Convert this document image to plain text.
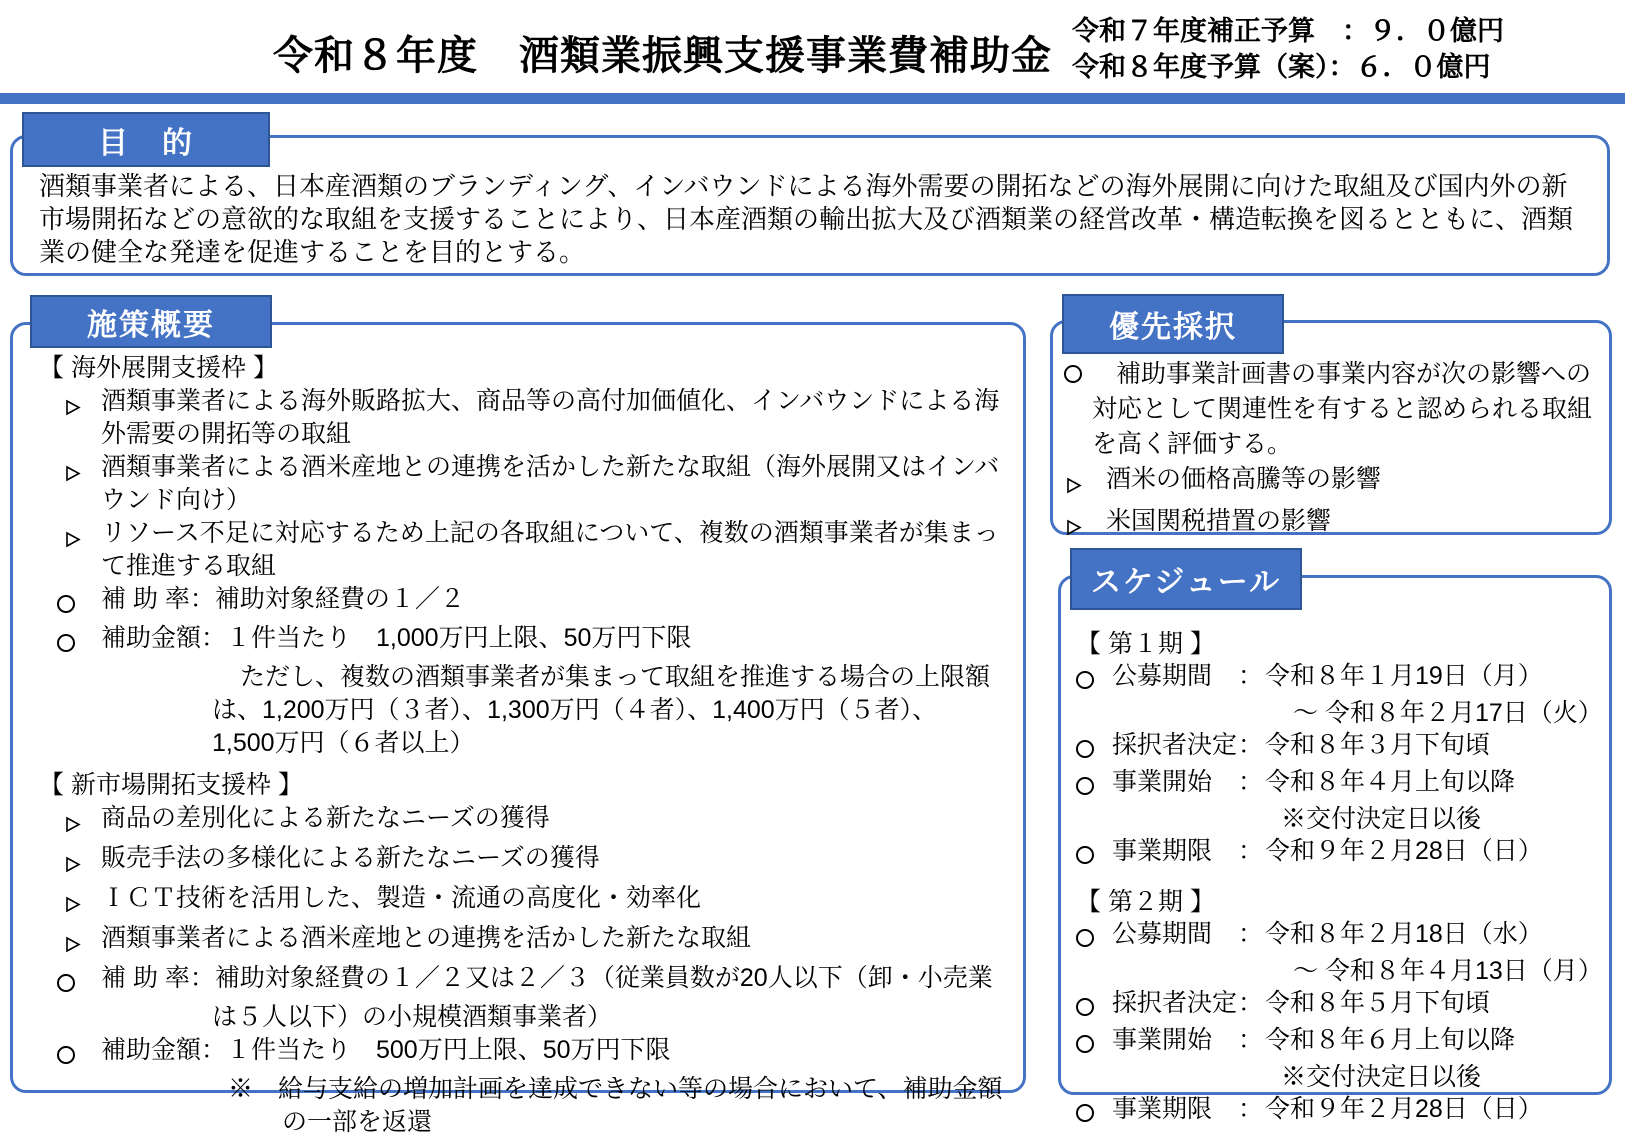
令和８年度　酒類業振興支援事業費補助金
令和７年度補正予算　：９．０億円
令和８年度予算（案）：６．０億円
目　的
酒類事業者による、日本産酒類のブランディング、インバウンドによる海外需要の開拓などの海外展開に向けた取組及び国内外の新市場開拓などの意欲的な取組を支援することにより、日本産酒類の輸出拡大及び酒類業の経営改革・構造転換を図るとともに、酒類業の健全な発達を促進することを目的とする。
施策概要
【 海外展開支援枠 】
酒類事業者による海外販路拡大、商品等の高付加価値化、インバウンドによる海外需要の開拓等の取組
酒類事業者による酒米産地との連携を活かした新たな取組（海外展開又はインバウンド向け）
リソース不足に対応するため上記の各取組について、複数の酒類事業者が集まって推進する取組
補 助 率：補助対象経費の１／２
補助金額：１件当たり　1,000万円上限、50万円下限
ただし、複数の酒類事業者が集まって取組を推進する場合の上限額
は、1,200万円（３者）、1,300万円（４者）、1,400万円（５者）、
1,500万円（６者以上）
【 新市場開拓支援枠 】
商品の差別化による新たなニーズの獲得
販売手法の多様化による新たなニーズの獲得
ＩＣＴ技術を活用した、製造・流通の高度化・効率化
酒類事業者による酒米産地との連携を活かした新たな取組
補 助 率：補助対象経費の１／２又は２／３（従業員数が20人以下（卸・小売業
は５人以下）の小規模酒類事業者）
補助金額：１件当たり　500万円上限、50万円下限
※　給与支給の増加計画を達成できない等の場合において、補助金額
の一部を返還
優先採択
補助事業計画書の事業内容が次の影響への対応として関連性を有すると認められる取組を高く評価する。
酒米の価格高騰等の影響
米国関税措置の影響
スケジュール
【 第１期 】
公募期間	： 令和８年１月19日（月）
～ 令和８年２月17日（火）
採択者決定 ： 令和８年３月下旬頃
事業開始	： 令和８年４月上旬以降
※交付決定日以後
事業期限	： 令和９年２月28日（日）
【 第２期 】
公募期間	： 令和８年２月18日（水）
～ 令和８年４月13日（月）
採択者決定 ： 令和８年５月下旬頃
事業開始	： 令和８年６月上旬以降
※交付決定日以後
事業期限	： 令和９年２月28日（日）
